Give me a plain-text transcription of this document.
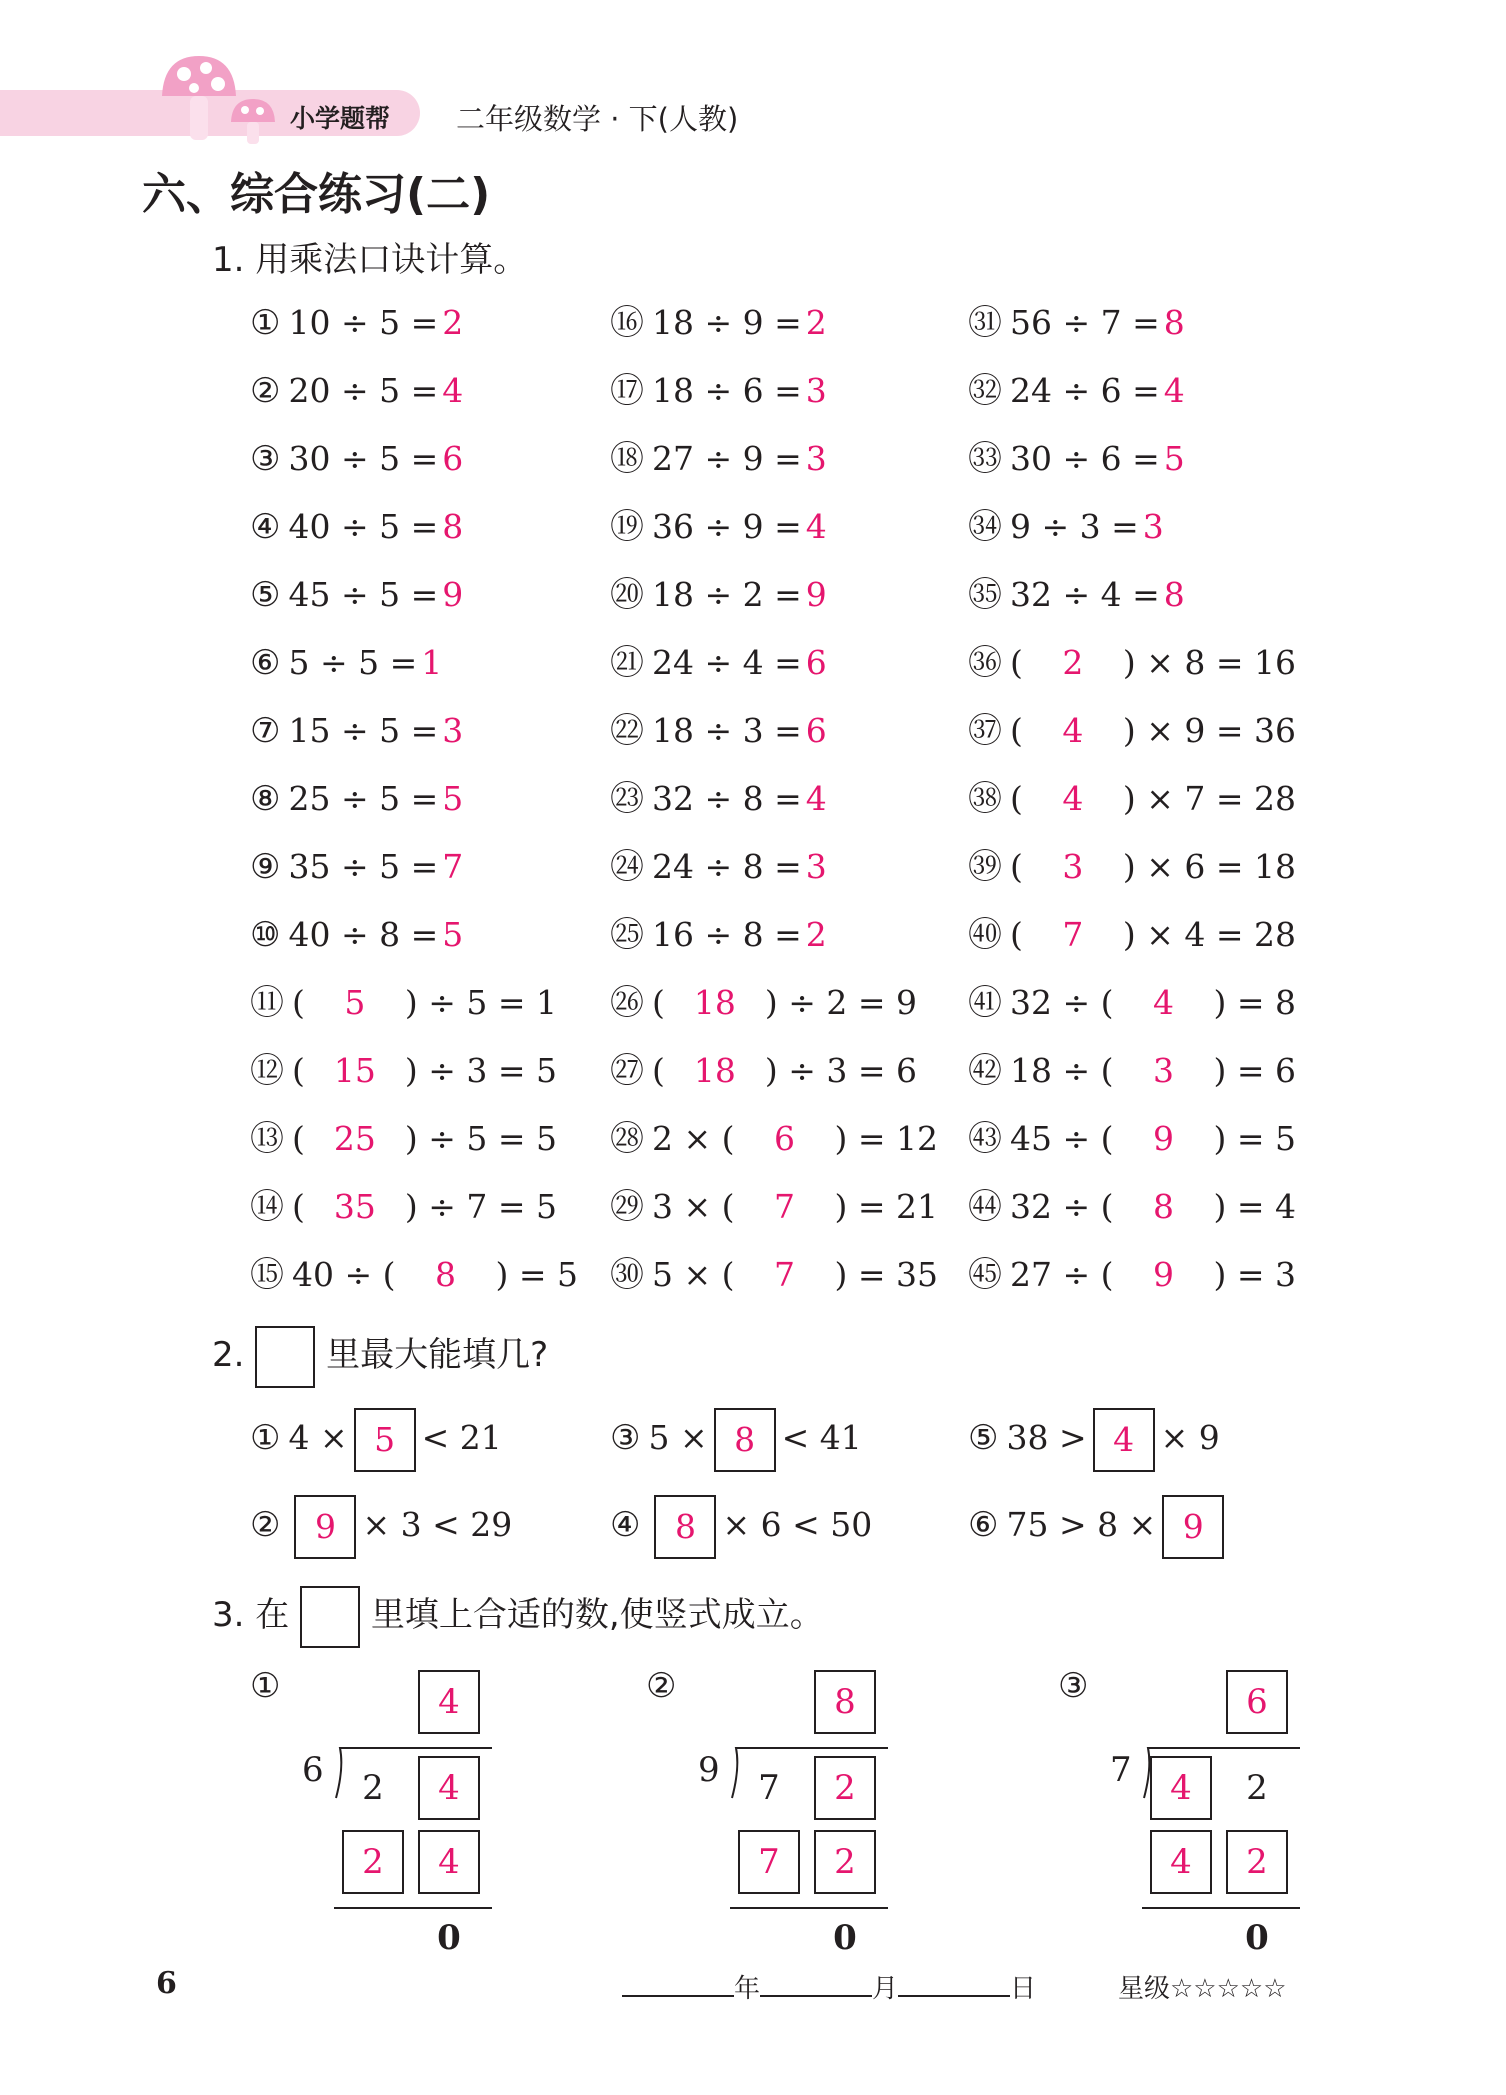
小学题帮 二年级数学 · 下(人教)
六、综合练习(二)
1. 用乘法口诀计算。
① 10 ÷ 5 = 2
② 20 ÷ 5 = 4
③ 30 ÷ 5 = 6
④ 40 ÷ 5 = 8
⑤ 45 ÷ 5 = 9
⑥ 5 ÷ 5 = 1
⑦ 15 ÷ 5 = 3
⑧ 25 ÷ 5 = 5
⑨ 35 ÷ 5 = 7
⑩ 40 ÷ 8 = 5
⑪ ( 5 ) ÷ 5 = 1
⑫ ( 15 ) ÷ 3 = 5
⑬ ( 25 ) ÷ 5 = 5
⑭ ( 35 ) ÷ 7 = 5
⑮ 40 ÷ ( 8 ) = 5
⑯ 18 ÷ 9 = 2
⑰ 18 ÷ 6 = 3
⑱ 27 ÷ 9 = 3
⑲ 36 ÷ 9 = 4
⑳ 18 ÷ 2 = 9
㉑ 24 ÷ 4 = 6
㉒ 18 ÷ 3 = 6
㉓ 32 ÷ 8 = 4
㉔ 24 ÷ 8 = 3
㉕ 16 ÷ 8 = 2
㉖ ( 18 ) ÷ 2 = 9
㉗ ( 18 ) ÷ 3 = 6
㉘ 2 × ( 6 ) = 12
㉙ 3 × ( 7 ) = 21
㉚ 5 × ( 7 ) = 35
㉛ 56 ÷ 7 = 8
㉜ 24 ÷ 6 = 4
㉝ 30 ÷ 6 = 5
㉞ 9 ÷ 3 = 3
㉟ 32 ÷ 4 = 8
㊱ ( 2 ) × 8 = 16
㊲ ( 4 ) × 9 = 36
㊳ ( 4 ) × 7 = 28
㊴ ( 3 ) × 6 = 18
㊵ ( 7 ) × 4 = 28
㊶ 32 ÷ ( 4 ) = 8
㊷ 18 ÷ ( 3 ) = 6
㊸ 45 ÷ ( 9 ) = 5
㊹ 32 ÷ ( 8 ) = 4
㊺ 27 ÷ ( 9 ) = 3
2. 里最大能填几?
① 4 × 5 < 21
② 9 × 3 < 29
③ 5 × 8 < 41
④ 8 × 6 < 50
⑤ 38 > 4 × 9
⑥ 75 > 8 × 9
3. 在 里填上合适的数,使竖式成立。
①	4
6	2	4
2	4
0
②	8
9	7	2
7	2
0
③	6
7	4	2
4	2
0
6	年	月	日	星级☆☆☆☆☆
